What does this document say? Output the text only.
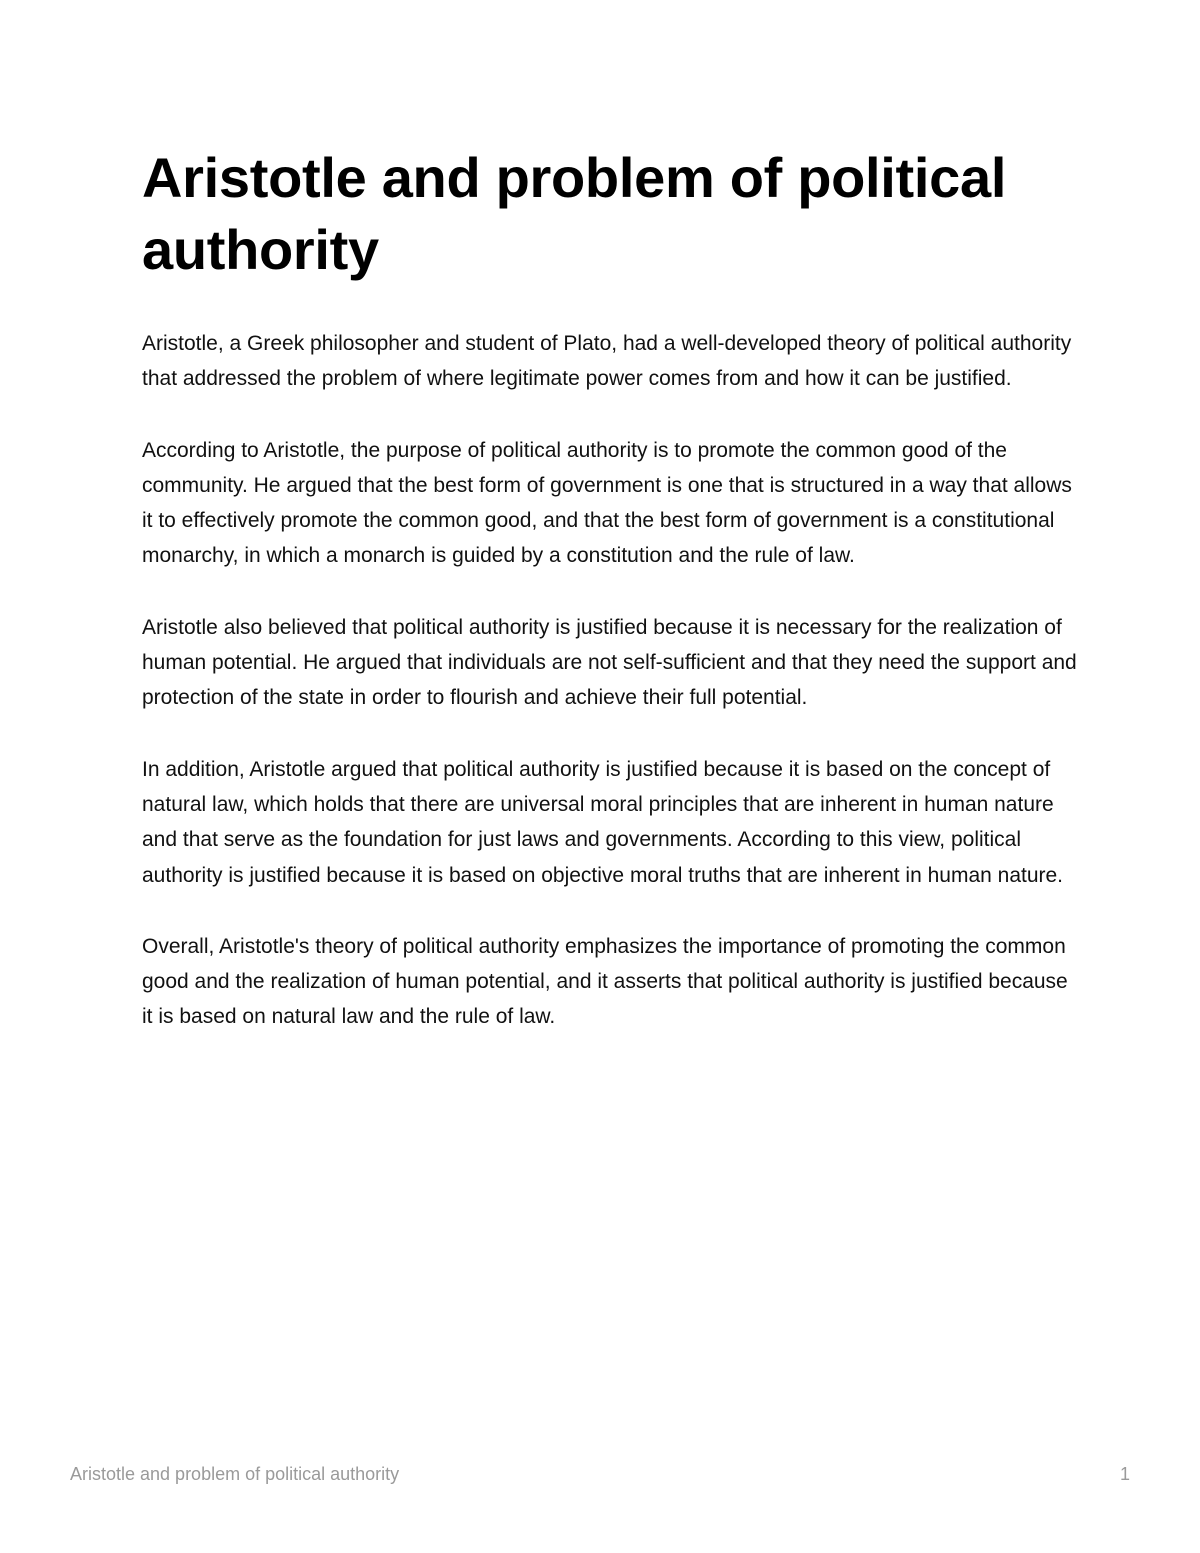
Aristotle and problem of political authority

Aristotle, a Greek philosopher and student of Plato, had a well-developed theory of political authority that addressed the problem of where legitimate power comes from and how it can be justified.

According to Aristotle, the purpose of political authority is to promote the common good of the community. He argued that the best form of government is one that is structured in a way that allows it to effectively promote the common good, and that the best form of government is a constitutional monarchy, in which a monarch is guided by a constitution and the rule of law.

Aristotle also believed that political authority is justified because it is necessary for the realization of human potential. He argued that individuals are not self-sufficient and that they need the support and protection of the state in order to flourish and achieve their full potential.

In addition, Aristotle argued that political authority is justified because it is based on the concept of natural law, which holds that there are universal moral principles that are inherent in human nature and that serve as the foundation for just laws and governments. According to this view, political authority is justified because it is based on objective moral truths that are inherent in human nature.

Overall, Aristotle's theory of political authority emphasizes the importance of promoting the common good and the realization of human potential, and it asserts that political authority is justified because it is based on natural law and the rule of law.

Aristotle and problem of political authority	1
